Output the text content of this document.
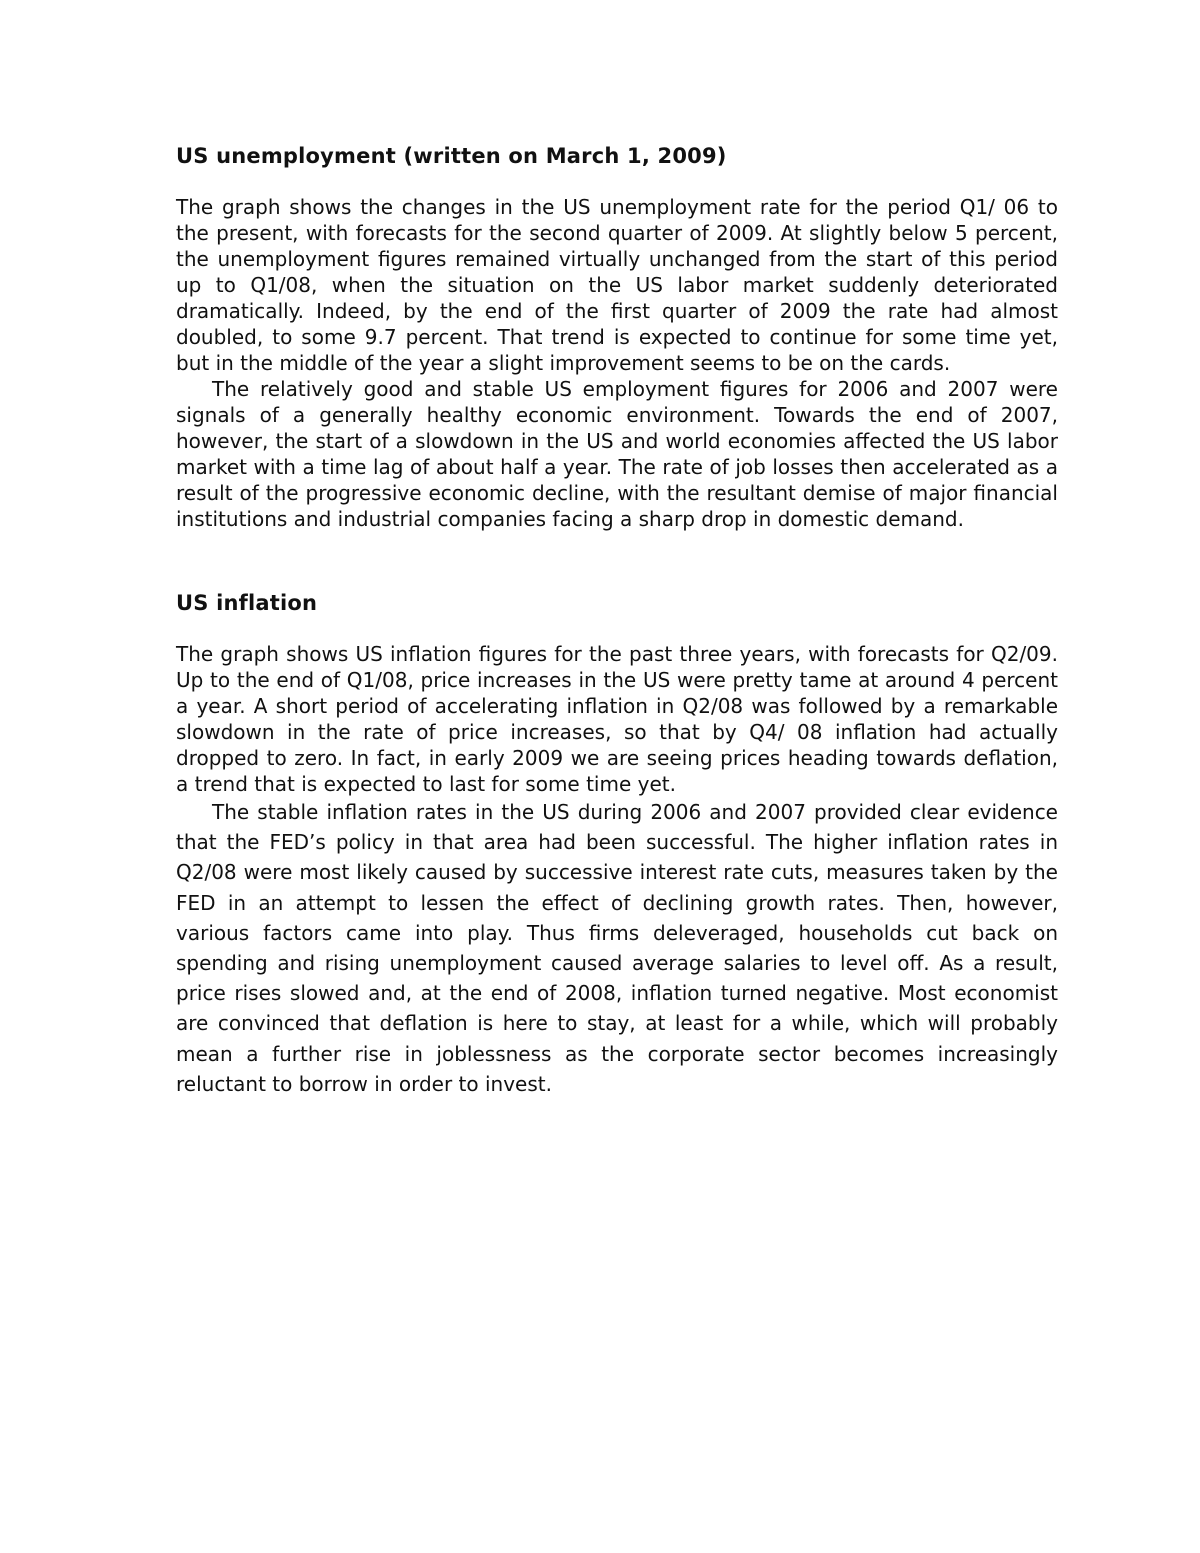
US unemployment (written on March 1, 2009)

The graph shows the changes in the US unemployment rate for the period Q1/ 06 to the present, with forecasts for the second quarter of 2009. At slightly below 5 percent, the unemployment figures remained virtually unchanged from the start of this period up to Q1/08, when the situation on the US labor market suddenly deteriorated dramatically. Indeed, by the end of the first quarter of 2009 the rate had almost doubled, to some 9.7 percent. That trend is expected to continue for some time yet, but in the middle of the year a slight improvement seems to be on the cards.

The relatively good and stable US employment figures for 2006 and 2007 were signals of a generally healthy economic environment. Towards the end of 2007, however, the start of a slowdown in the US and world economies affected the US labor market with a time lag of about half a year. The rate of job losses then accelerated as a result of the progressive economic decline, with the resultant demise of major financial institutions and industrial companies facing a sharp drop in domestic demand.

US inflation

The graph shows US inflation figures for the past three years, with forecasts for Q2/09. Up to the end of Q1/08, price increases in the US were pretty tame at around 4 percent a year. A short period of accelerating inflation in Q2/08 was followed by a remarkable slowdown in the rate of price increases, so that by Q4/ 08 inflation had actually dropped to zero. In fact, in early 2009 we are seeing prices heading towards deflation, a trend that is expected to last for some time yet.

The stable inflation rates in the US during 2006 and 2007 provided clear evidence that the FED’s policy in that area had been successful. The higher inflation rates in Q2/08 were most likely caused by successive interest rate cuts, measures taken by the FED in an attempt to lessen the effect of declining growth rates. Then, however, various factors came into play. Thus firms deleveraged, households cut back on spending and rising unemployment caused average salaries to level off. As a result, price rises slowed and, at the end of 2008, inflation turned negative. Most economist are convinced that deflation is here to stay, at least for a while, which will probably mean a further rise in joblessness as the corporate sector becomes increasingly reluctant to borrow in order to invest.
